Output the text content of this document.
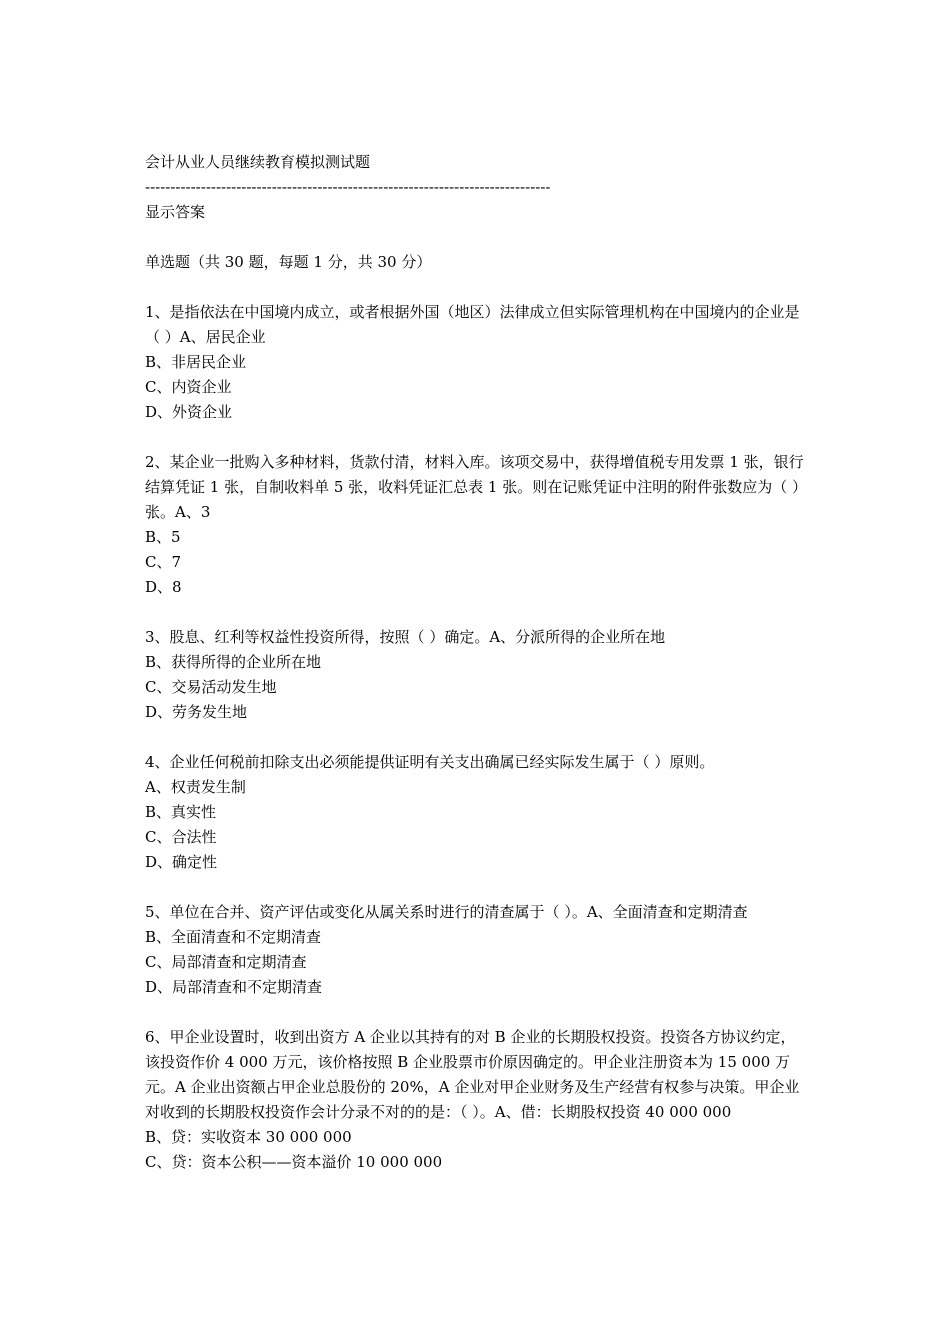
会计从业人员继续教育模拟测试题

--------------------------------------------------------------------------------

显示答案

单选题（共 30 题，每题 1 分，共 30 分）

1、是指依法在中国境内成立，或者根据外国（地区）法律成立但实际管理机构在中国境内的企业是（ ）A、居民企业

B、非居民企业

C、内资企业

D、外资企业

2、某企业一批购入多种材料，货款付清，材料入库。该项交易中，获得增值税专用发票 1 张，银行结算凭证 1 张，自制收料单 5 张，收料凭证汇总表 1 张。则在记账凭证中注明的附件张数应为（ ）张。A、3

B、5

C、7

D、8

3、股息、红利等权益性投资所得，按照（ ）确定。A、分派所得的企业所在地

B、获得所得的企业所在地

C、交易活动发生地

D、劳务发生地

4、企业任何税前扣除支出必须能提供证明有关支出确属已经实际发生属于（ ）原则。

A、权责发生制

B、真实性

C、合法性

D、确定性

5、单位在合并、资产评估或变化从属关系时进行的清查属于（ ）。A、全面清查和定期清查

B、全面清查和不定期清查

C、局部清查和定期清查

D、局部清查和不定期清查

6、甲企业设置时，收到出资方 A 企业以其持有的对 B 企业的长期股权投资。投资各方协议约定，该投资作价 4 000 万元，该价格按照 B 企业股票市价原因确定的。甲企业注册资本为 15 000 万元。A 企业出资额占甲企业总股份的 20%，A 企业对甲企业财务及生产经营有权参与决策。甲企业对收到的长期股权投资作会计分录不对的的是：（ ）。A、借：长期股权投资 40 000 000

B、贷：实收资本 30 000 000

C、贷：资本公积——资本溢价 10 000 000
